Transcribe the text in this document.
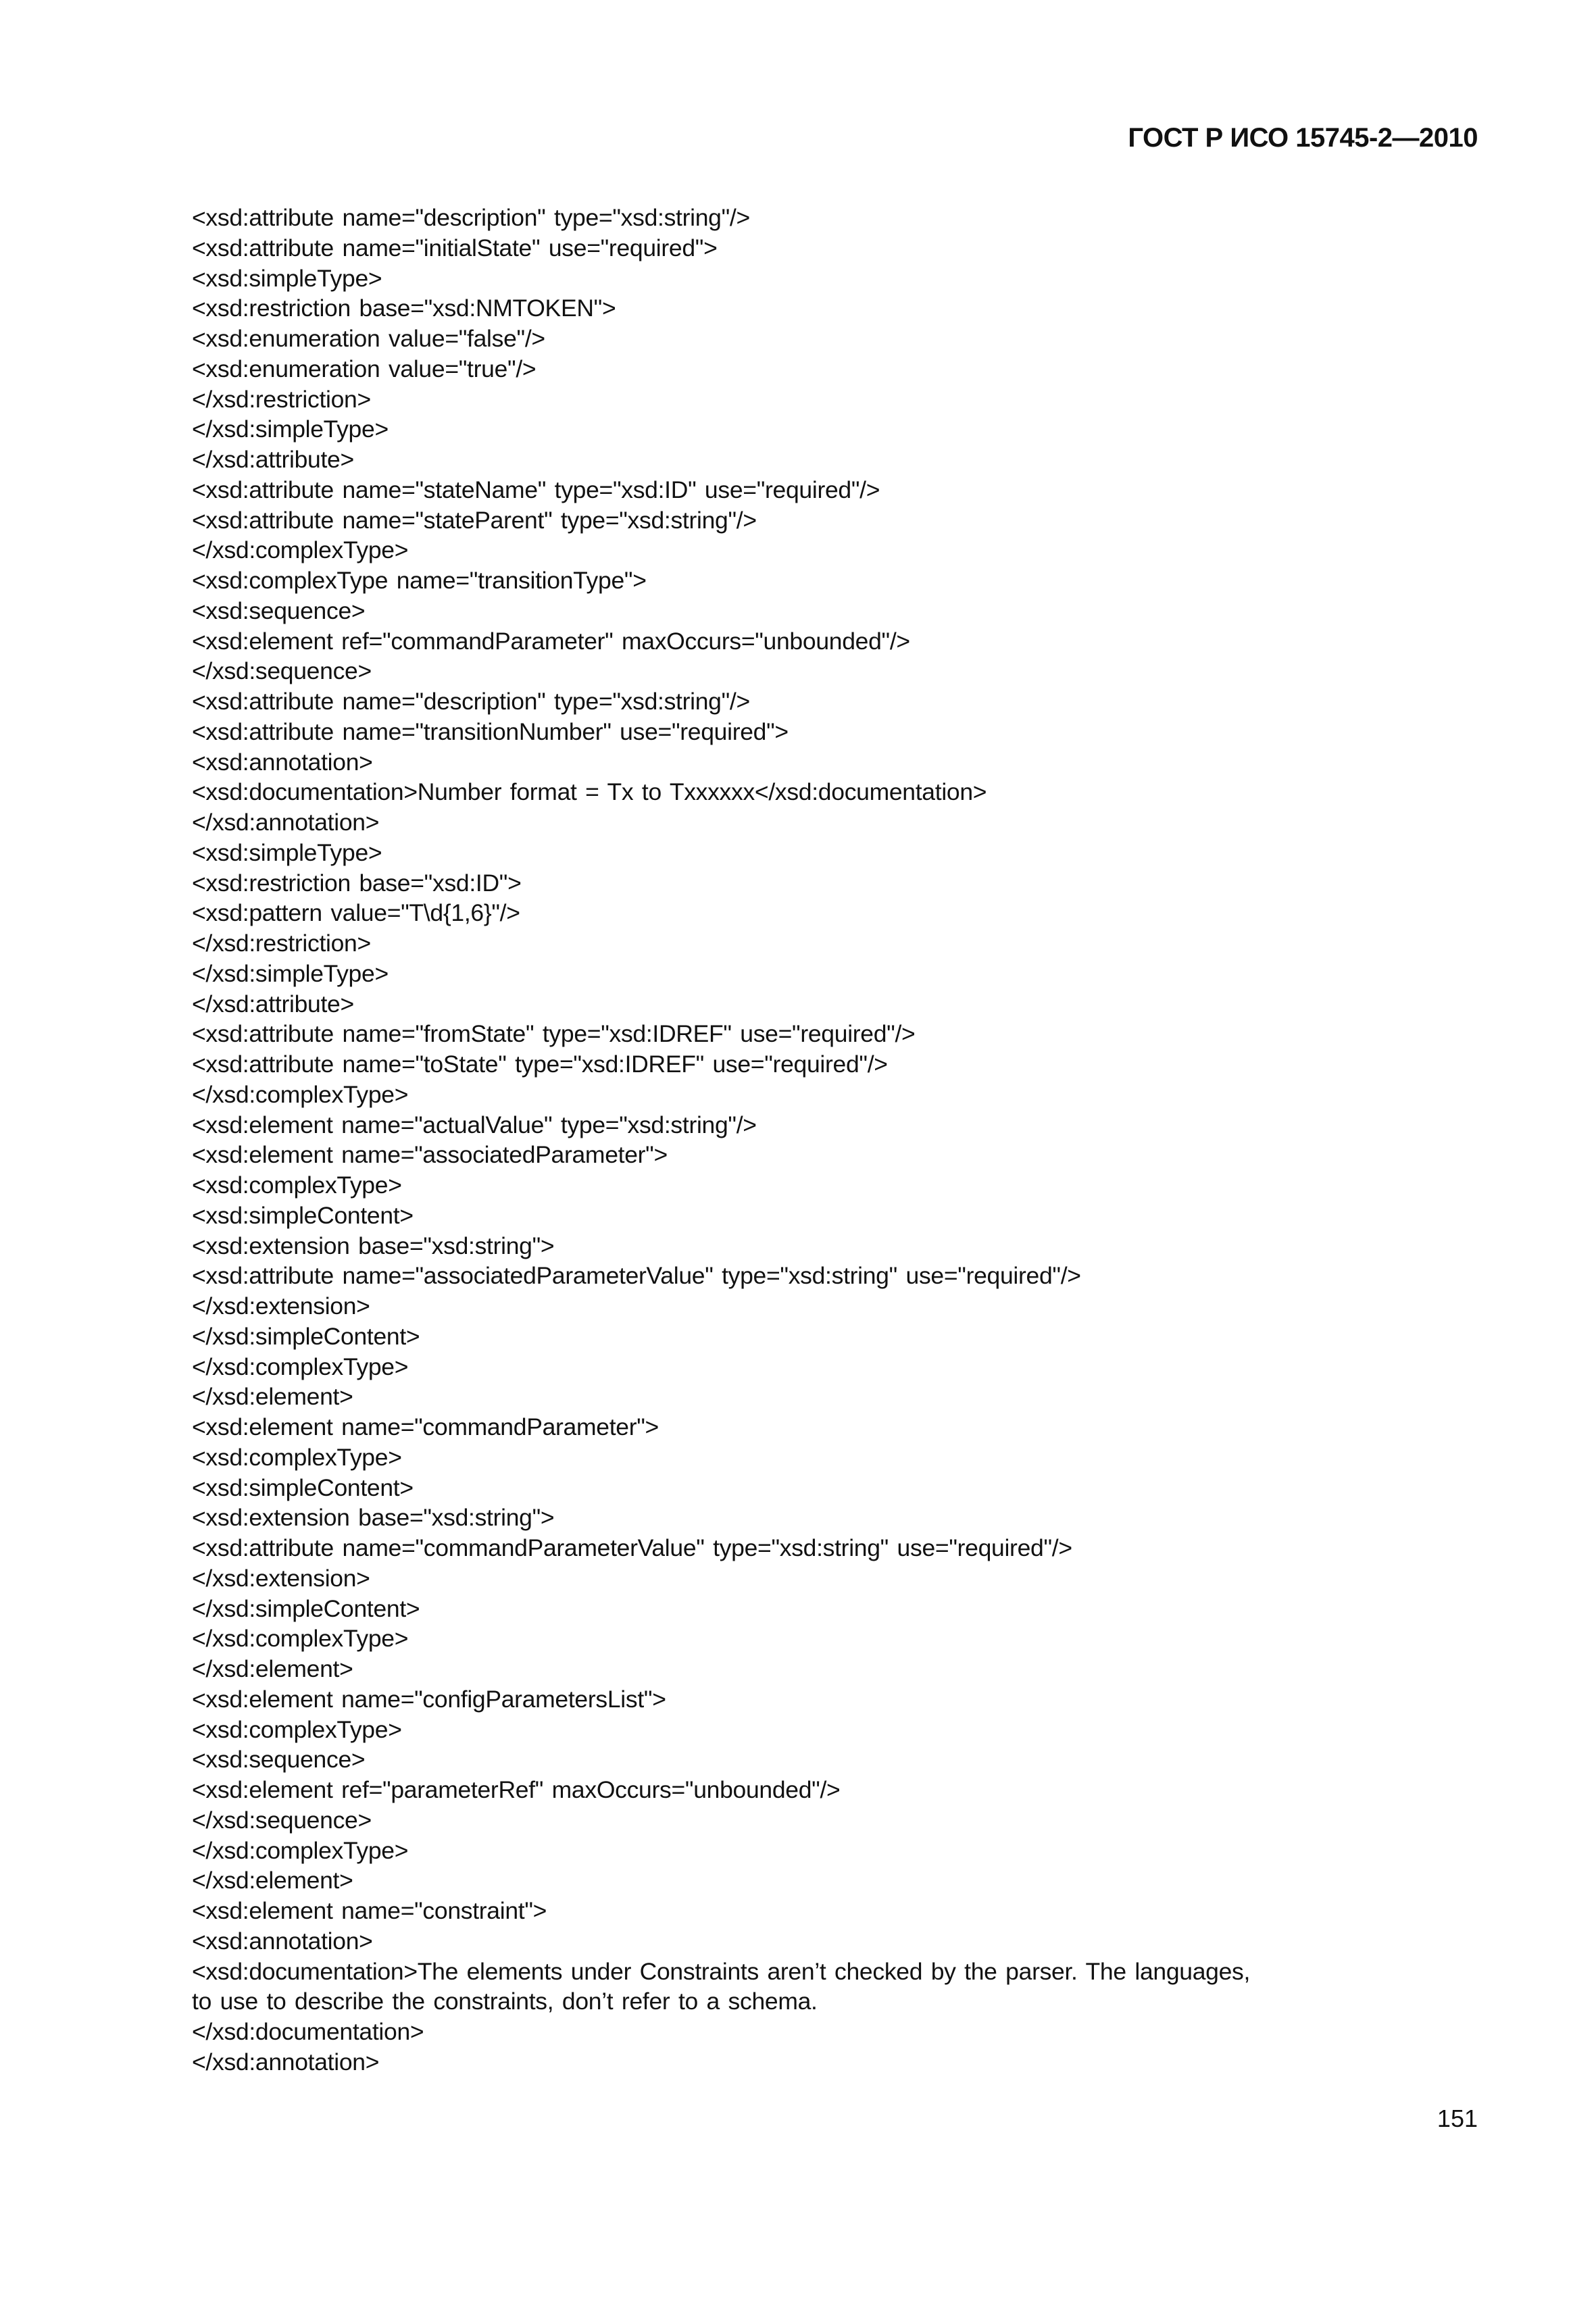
ГОСТ Р ИСО 15745-2—2010
<xsd:attribute name="description" type="xsd:string"/>
<xsd:attribute name="initialState" use="required">
<xsd:simpleType>
<xsd:restriction base="xsd:NMTOKEN">
<xsd:enumeration value="false"/>
<xsd:enumeration value="true"/>
</xsd:restriction>
</xsd:simpleType>
</xsd:attribute>
<xsd:attribute name="stateName" type="xsd:ID" use="required"/>
<xsd:attribute name="stateParent" type="xsd:string"/>
</xsd:complexType>
<xsd:complexType name="transitionType">
<xsd:sequence>
<xsd:element ref="commandParameter" maxOccurs="unbounded"/>
</xsd:sequence>
<xsd:attribute name="description" type="xsd:string"/>
<xsd:attribute name="transitionNumber" use="required">
<xsd:annotation>
<xsd:documentation>Number format = Tx to Txxxxxx</xsd:documentation>
</xsd:annotation>
<xsd:simpleType>
<xsd:restriction base="xsd:ID">
<xsd:pattern value="T\d{1,6}"/>
</xsd:restriction>
</xsd:simpleType>
</xsd:attribute>
<xsd:attribute name="fromState" type="xsd:IDREF" use="required"/>
<xsd:attribute name="toState" type="xsd:IDREF" use="required"/>
</xsd:complexType>
<xsd:element name="actualValue" type="xsd:string"/>
<xsd:element name="associatedParameter">
<xsd:complexType>
<xsd:simpleContent>
<xsd:extension base="xsd:string">
<xsd:attribute name="associatedParameterValue" type="xsd:string" use="required"/>
</xsd:extension>
</xsd:simpleContent>
</xsd:complexType>
</xsd:element>
<xsd:element name="commandParameter">
<xsd:complexType>
<xsd:simpleContent>
<xsd:extension base="xsd:string">
<xsd:attribute name="commandParameterValue" type="xsd:string" use="required"/>
</xsd:extension>
</xsd:simpleContent>
</xsd:complexType>
</xsd:element>
<xsd:element name="configParametersList">
<xsd:complexType>
<xsd:sequence>
<xsd:element ref="parameterRef" maxOccurs="unbounded"/>
</xsd:sequence>
</xsd:complexType>
</xsd:element>
<xsd:element name="constraint">
<xsd:annotation>
<xsd:documentation>The elements under Constraints aren’t checked by the parser. The languages,
to use to describe the constraints, don’t refer to a schema.
</xsd:documentation>
</xsd:annotation>
151
